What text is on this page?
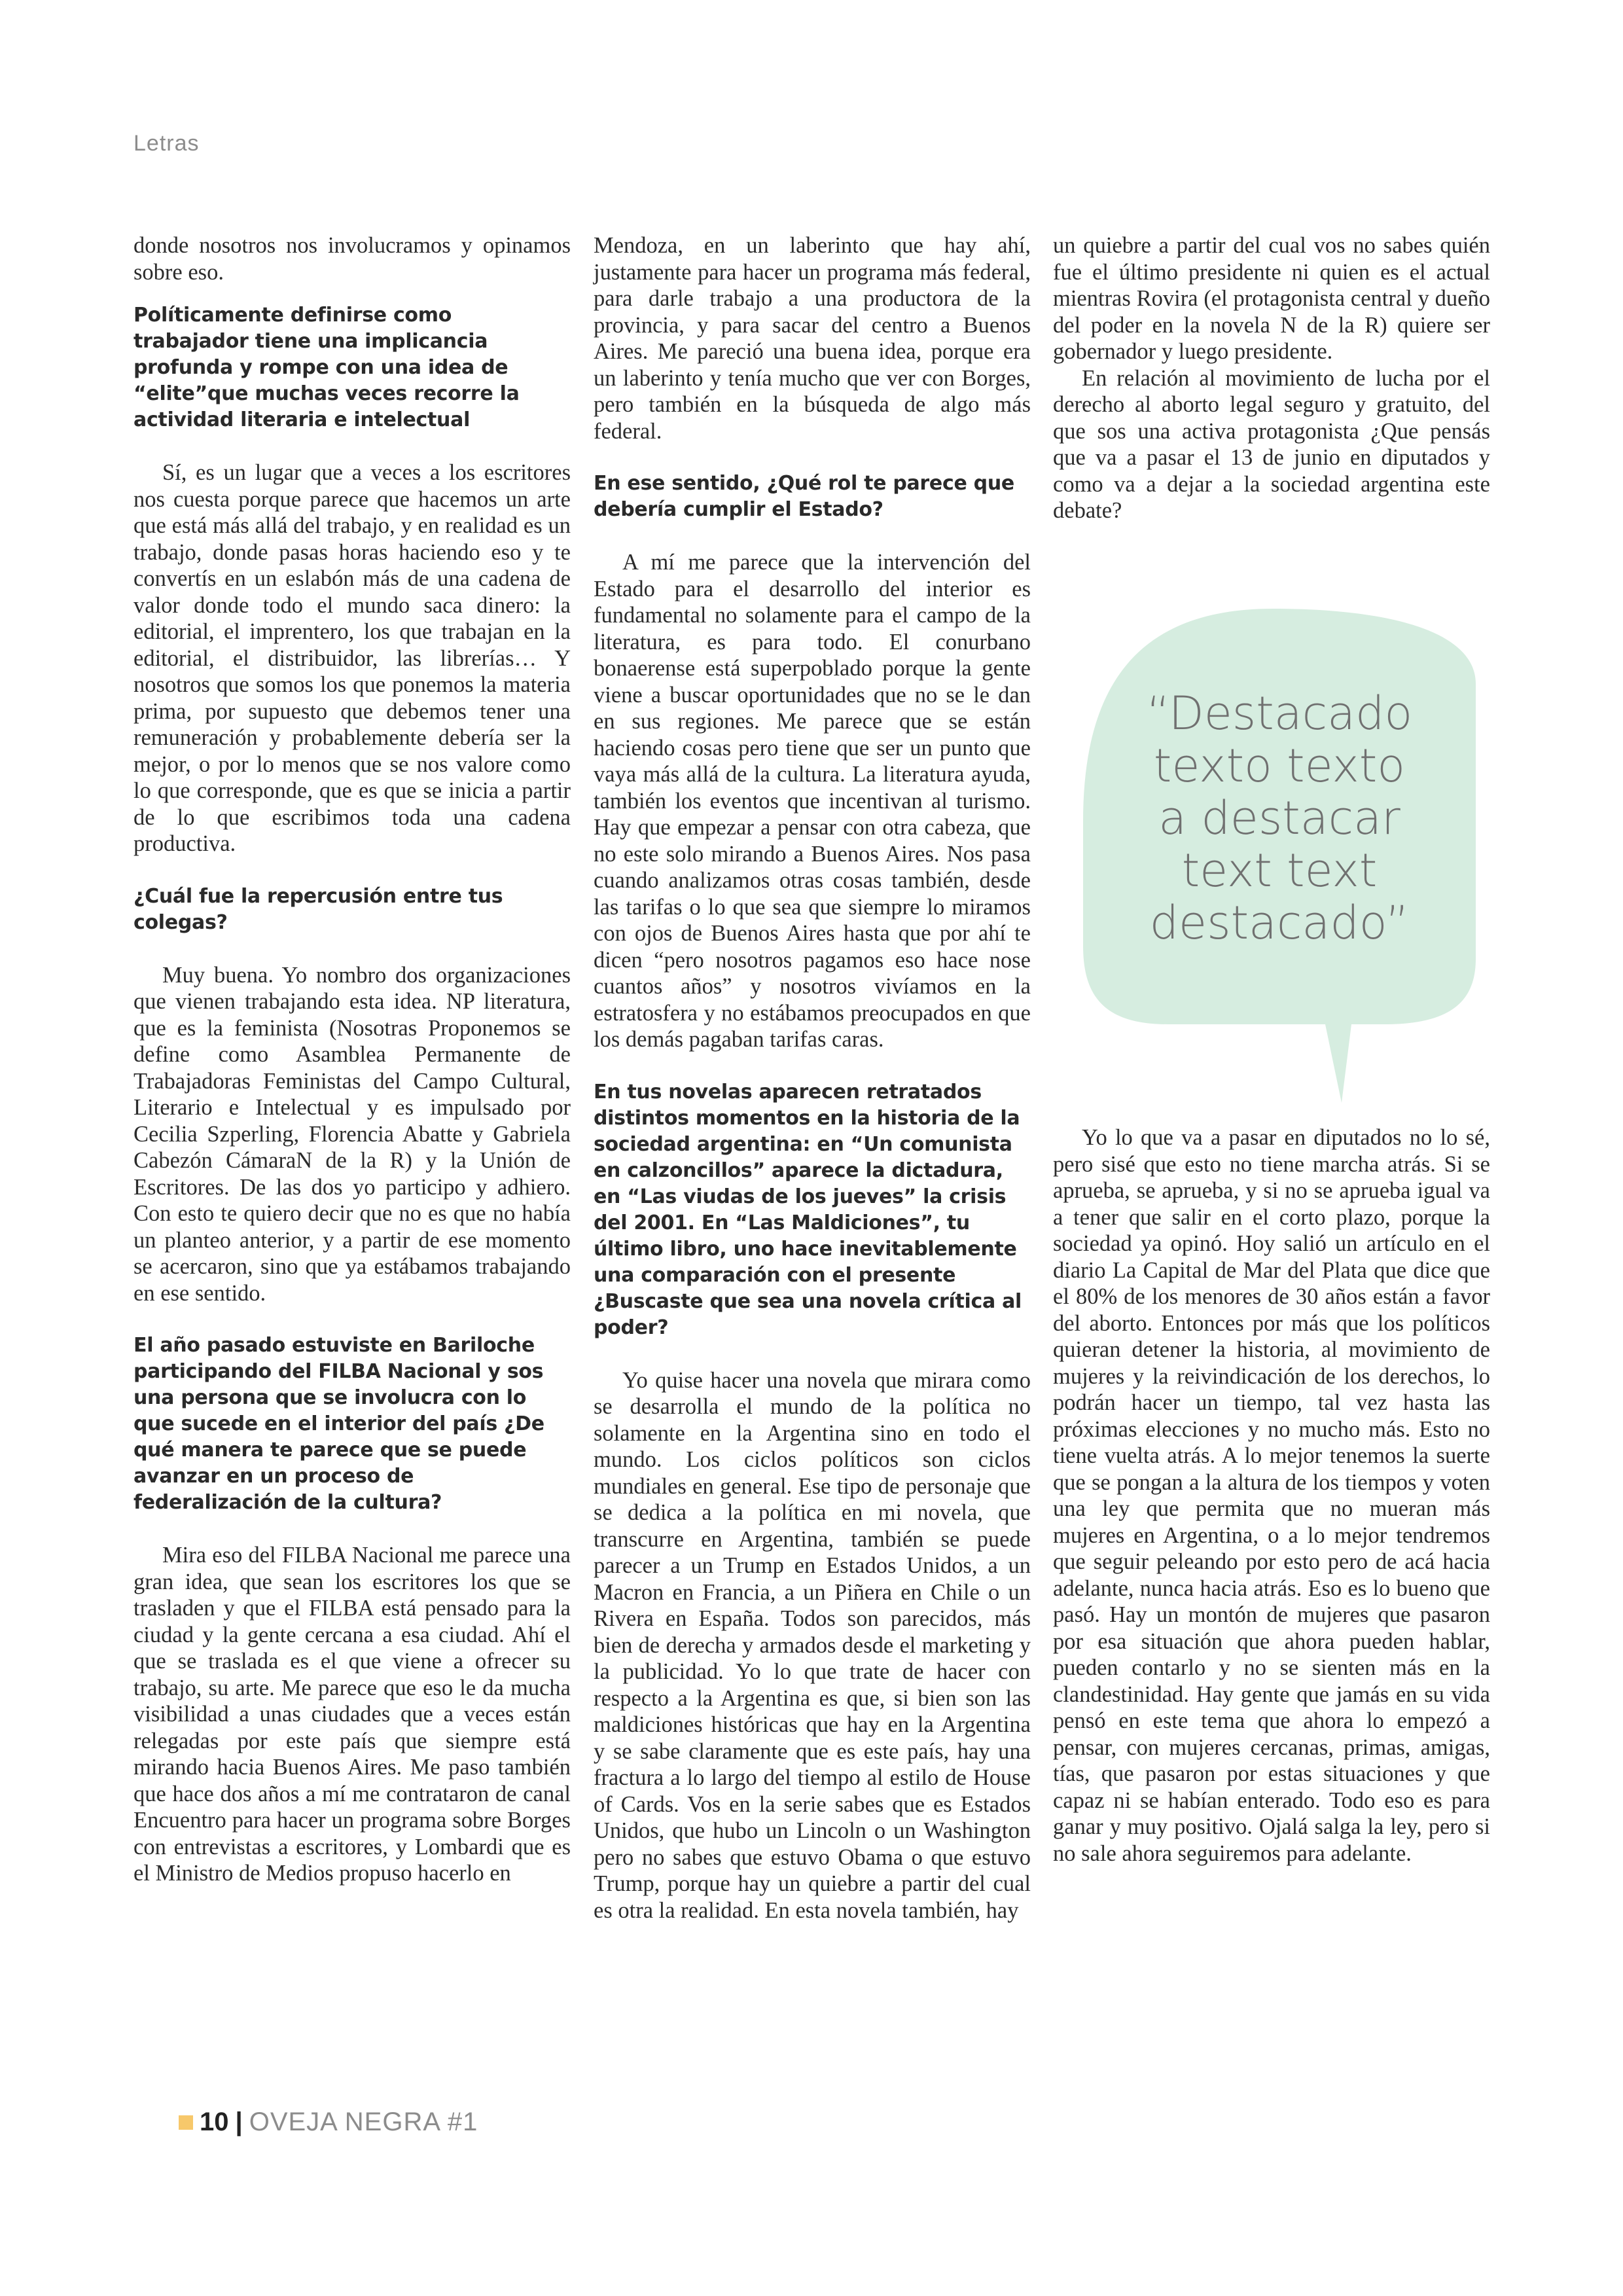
Letras

donde nosotros nos involucramos y opinamos sobre eso.

Políticamente definirse como trabajador tiene una implicancia profunda y rompe con una idea de “elite”que muchas veces recorre la actividad literaria e intelectual

Sí, es un lugar que a veces a los escritores nos cuesta porque parece que hacemos un arte que está más allá del trabajo, y en realidad es un trabajo, donde pasas horas haciendo eso y te convertís en un eslabón más de una cadena de valor donde todo el mundo saca dinero: la editorial, el imprentero, los que trabajan en la editorial, el distribuidor, las librerías… Y nosotros que somos los que ponemos la materia prima, por supuesto que debemos tener una remuneración y probablemente debería ser la mejor, o por lo menos que se nos valore como lo que corresponde, que es que se inicia a partir de lo que escribimos toda una cadena productiva.

¿Cuál fue la repercusión entre tus colegas?

Muy buena. Yo nombro dos organizaciones que vienen trabajando esta idea. NP literatura, que es la feminista (Nosotras Proponemos se define como Asamblea Permanente de Trabajadoras Feministas del Campo Cultural, Literario e Intelectual y es impulsado por Cecilia Szperling, Florencia Abatte y Gabriela Cabezón CámaraN de la R) y la Unión de Escritores. De las dos yo participo y adhiero. Con esto te quiero decir que no es que no había un planteo anterior, y a partir de ese momento se acercaron, sino que ya estábamos trabajando en ese sentido.

El año pasado estuviste en Bariloche participando del FILBA Nacional y sos una persona que se involucra con lo que sucede en el interior del país ¿De qué manera te parece que se puede avanzar en un proceso de federalización de la cultura?

Mira eso del FILBA Nacional me parece una gran idea, que sean los escritores los que se trasladen y que el FILBA está pensado para la ciudad y la gente cercana a esa ciudad. Ahí el que se traslada es el que viene a ofrecer su trabajo, su arte. Me parece que eso le da mucha visibilidad a unas ciudades que a veces están relegadas por este país que siempre está mirando hacia Buenos Aires. Me paso también que hace dos años a mí me contrataron de canal Encuentro para hacer un programa sobre Borges con entrevistas a escritores, y Lombardi que es el Ministro de Medios propuso hacerlo en

Mendoza, en un laberinto que hay ahí, justamente para hacer un programa más federal, para darle trabajo a una productora de la provincia, y para sacar del centro a Buenos Aires. Me pareció una buena idea, porque era un laberinto y tenía mucho que ver con Borges, pero también en la búsqueda de algo más federal.

En ese sentido, ¿Qué rol te parece que debería cumplir el Estado?

A mí me parece que la intervención del Estado para el desarrollo del interior es fundamental no solamente para el campo de la literatura, es para todo. El conurbano bonaerense está superpoblado porque la gente viene a buscar oportunidades que no se le dan en sus regiones. Me parece que se están haciendo cosas pero tiene que ser un punto que vaya más allá de la cultura. La literatura ayuda, también los eventos que incentivan al turismo. Hay que empezar a pensar con otra cabeza, que no este solo mirando a Buenos Aires. Nos pasa cuando analizamos otras cosas también, desde las tarifas o lo que sea que siempre lo miramos con ojos de Buenos Aires hasta que por ahí te dicen “pero nosotros pagamos eso hace nose cuantos años” y nosotros vivíamos en la estratosfera y no estábamos preocupados en que los demás pagaban tarifas caras.

En tus novelas aparecen retratados distintos momentos en la historia de la sociedad argentina: en “Un comunista en calzoncillos” aparece la dictadura, en “Las viudas de los jueves” la crisis del 2001. En “Las Maldiciones”, tu último libro, uno hace inevitablemente una comparación con el presente ¿Buscaste que sea una novela crítica al poder?

Yo quise hacer una novela que mirara como se desarrolla el mundo de la política no solamente en la Argentina sino en todo el mundo. Los ciclos políticos son ciclos mundiales en general. Ese tipo de personaje que se dedica a la política en mi novela, que transcurre en Argentina, también se puede parecer a un Trump en Estados Unidos, a un Macron en Francia, a un Piñera en Chile o un Rivera en España. Todos son parecidos, más bien de derecha y armados desde el marketing y la publicidad. Yo lo que trate de hacer con respecto a la Argentina es que, si bien son las maldiciones históricas que hay en la Argentina y se sabe claramente que es este país, hay una fractura a lo largo del tiempo al estilo de House of Cards. Vos en la serie sabes que es Estados Unidos, que hubo un Lincoln o un Washington pero no sabes que estuvo Obama o que estuvo Trump, porque hay un quiebre a partir del cual es otra la realidad. En esta novela también, hay

un quiebre a partir del cual vos no sabes quién fue el último presidente ni quien es el actual mientras Rovira (el protagonista central y dueño del poder en la novela N de la R) quiere ser gobernador y luego presidente.

En relación al movimiento de lucha por el derecho al aborto legal seguro y gratuito, del que sos una activa protagonista ¿Que pensás que va a pasar el 13 de junio en diputados y como va a dejar a la sociedad argentina este debate?

“Destacado
texto texto
a destacar
text text
destacado”

Yo lo que va a pasar en diputados no lo sé, pero sisé que esto no tiene marcha atrás. Si se aprueba, se aprueba, y si no se aprueba igual va a tener que salir en el corto plazo, porque la sociedad ya opinó. Hoy salió un artículo en el diario La Capital de Mar del Plata que dice que el 80% de los menores de 30 años están a favor del aborto. Entonces por más que los políticos quieran detener la historia, al movimiento de mujeres y la reivindicación de los derechos, lo podrán hacer un tiempo, tal vez hasta las próximas elecciones y no mucho más. Esto no tiene vuelta atrás. A lo mejor tenemos la suerte que se pongan a la altura de los tiempos y voten una ley que permita que no mueran más mujeres en Argentina, o a lo mejor tendremos que seguir peleando por esto pero de acá hacia adelante, nunca hacia atrás. Eso es lo bueno que pasó. Hay un montón de mujeres que pasaron por esa situación que ahora pueden hablar, pueden contarlo y no se sienten más en la clandestinidad. Hay gente que jamás en su vida pensó en este tema que ahora lo empezó a pensar, con mujeres cercanas, primas, amigas, tías, que pasaron por estas situaciones y que capaz ni se habían enterado. Todo eso es para ganar y muy positivo. Ojalá salga la ley, pero si no sale ahora seguiremos para adelante.

10 | OVEJA NEGRA #1
